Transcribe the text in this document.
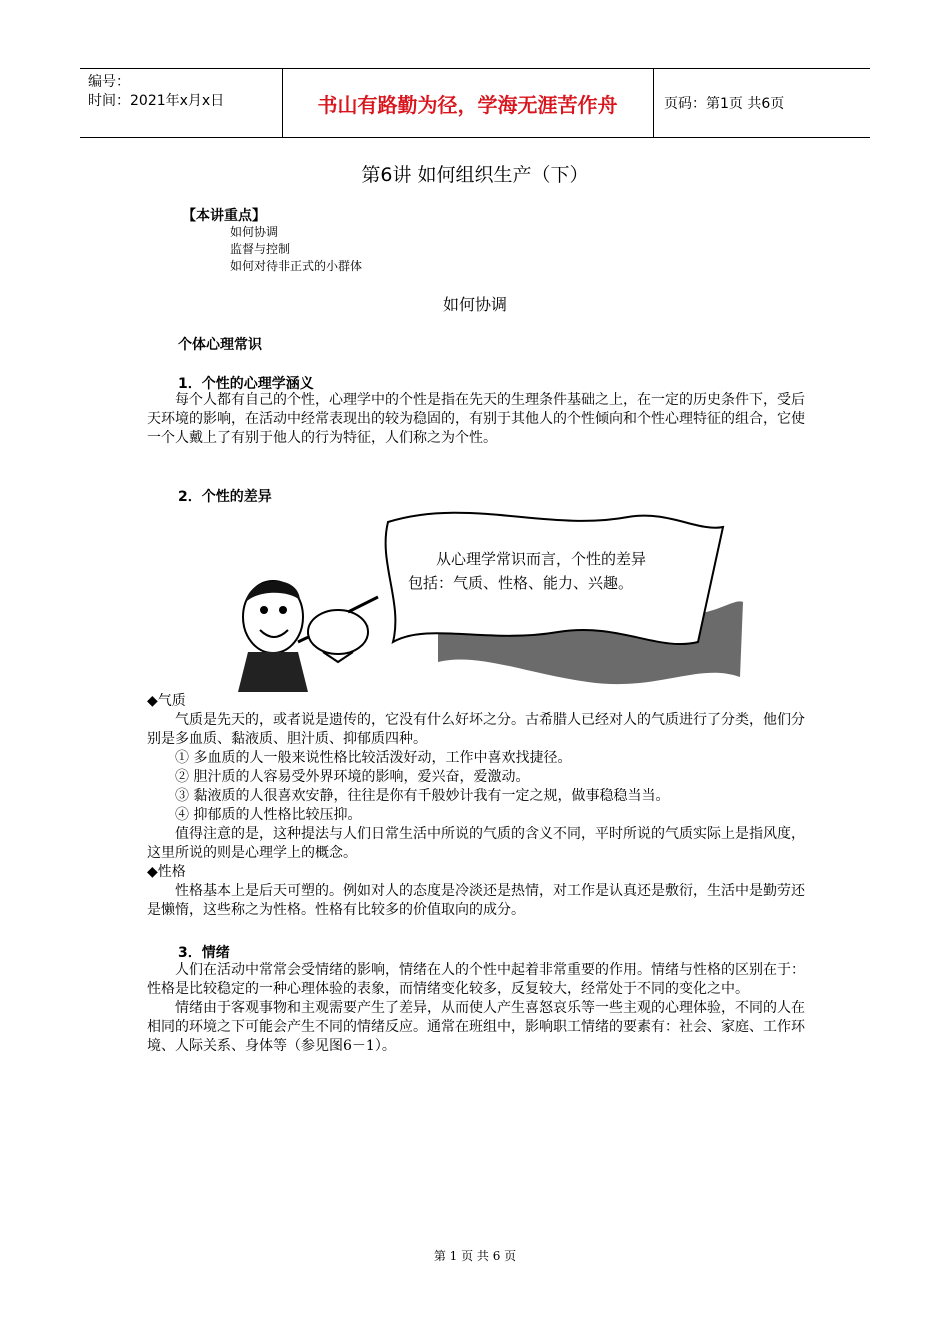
编号：
时间：2021年x月x日	书山有路勤为径，学海无涯苦作舟	页码：第1页 共6页
第6讲 如何组织生产（下）
【本讲重点】
如何协调
监督与控制
如何对待非正式的小群体
如何协调
个体心理常识
1．个性的心理学涵义

每个人都有自己的个性，心理学中的个性是指在先天的生理条件基础之上，在一定的历史条件下，受后天环境的影响，在活动中经常表现出的较为稳固的，有别于其他人的个性倾向和个性心理特征的组合，它使一个人戴上了有别于他人的行为特征，人们称之为个性。

2．个性的差异
从心理学常识而言，个性的差异
包括：气质、性格、能力、兴趣。

◆气质

气质是先天的，或者说是遗传的，它没有什么好坏之分。古希腊人已经对人的气质进行了分类，他们分别是多血质、黏液质、胆汁质、抑郁质四种。

① 多血质的人一般来说性格比较活泼好动，工作中喜欢找捷径。
② 胆汁质的人容易受外界环境的影响，爱兴奋，爱激动。
③ 黏液质的人很喜欢安静，往往是你有千般妙计我有一定之规，做事稳稳当当。
④ 抑郁质的人性格比较压抑。

值得注意的是，这种提法与人们日常生活中所说的气质的含义不同，平时所说的气质实际上是指风度，这里所说的则是心理学上的概念。

◆性格

性格基本上是后天可塑的。例如对人的态度是冷淡还是热情，对工作是认真还是敷衍，生活中是勤劳还是懒惰，这些称之为性格。性格有比较多的价值取向的成分。

3．情绪

人们在活动中常常会受情绪的影响，情绪在人的个性中起着非常重要的作用。情绪与性格的区别在于：性格是比较稳定的一种心理体验的表象，而情绪变化较多，反复较大，经常处于不同的变化之中。

情绪由于客观事物和主观需要产生了差异，从而使人产生喜怒哀乐等一些主观的心理体验，不同的人在相同的环境之下可能会产生不同的情绪反应。通常在班组中，影响职工情绪的要素有：社会、家庭、工作环境、人际关系、身体等（参见图6－1）。

第 1 页 共 6 页
